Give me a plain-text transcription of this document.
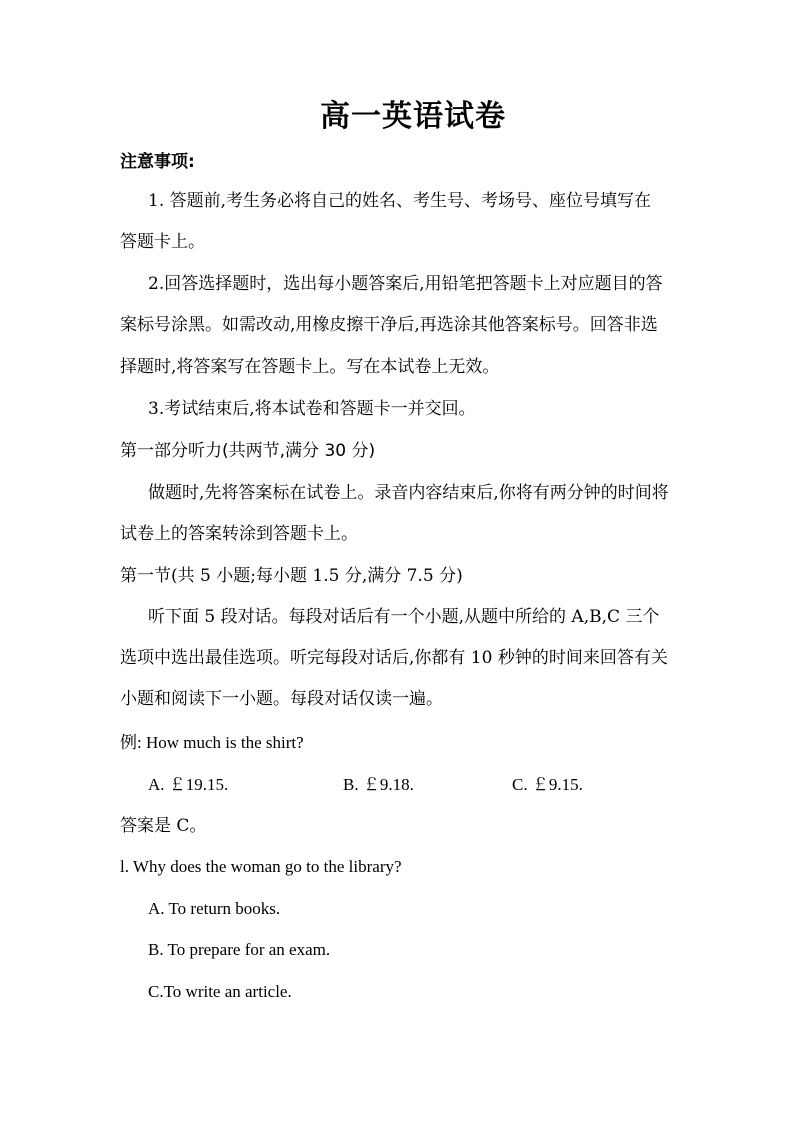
高一英语试卷
注意事项:
1. 答题前,考生务必将自己的姓名、考生号、考场号、座位号填写在
答题卡上。
2.回答选择题时，选出每小题答案后,用铅笔把答题卡上对应题目的答
案标号涂黑。如需改动,用橡皮擦干净后,再选涂其他答案标号。回答非选
择题时,将答案写在答题卡上。写在本试卷上无效。
3.考试结束后,将本试卷和答题卡一并交回。
第一部分听力(共两节,满分 30 分)
做题时,先将答案标在试卷上。录音内容结束后,你将有两分钟的时间将
试卷上的答案转涂到答题卡上。
第一节(共 5 小题;每小题 1.5 分,满分 7.5 分)
听下面 5 段对话。每段对话后有一个小题,从题中所给的 A,B,C 三个
选项中选出最佳选项。听完每段对话后,你都有 10 秒钟的时间来回答有关
小题和阅读下一小题。每段对话仅读一遍。
例: How much is the shirt?
A. ￡19.15.	B. ￡9.18.	C. ￡9.15.
答案是 C。
l. Why does the woman go to the library?
A. To return books.
B. To prepare for an exam.
C.To write an article.
